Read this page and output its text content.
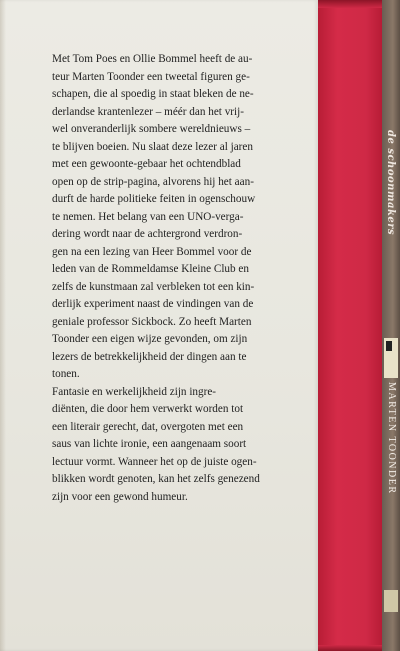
Met Tom Poes en Ollie Bommel heeft de au-
teur Marten Toonder een tweetal figuren ge-
schapen, die al spoedig in staat bleken de ne-
derlandse krantenlezer – méér dan het vrij-
wel onveranderlijk sombere wereldnieuws –
te blijven boeien. Nu slaat deze lezer al jaren
met een gewoonte-gebaar het ochtendblad
open op de strip-pagina, alvorens hij het aan-
durft de harde politieke feiten in ogenschouw
te nemen. Het belang van een UNO-verga-
dering wordt naar de achtergrond verdron-
gen na een lezing van Heer Bommel voor de
leden van de Rommeldamse Kleine Club en
zelfs de kunstmaan zal verbleken tot een kin-
derlijk experiment naast de vindingen van de
geniale professor Sickbock. Zo heeft Marten
Toonder een eigen wijze gevonden, om zijn
lezers de betrekkelijkheid der dingen aan te
tonen.
Fantasie en werkelijkheid zijn ingre-
diënten, die door hem verwerkt worden tot
een literair gerecht, dat, overgoten met een
saus van lichte ironie, een aangenaam soort
lectuur vormt. Wanneer het op de juiste ogen-
blikken wordt genoten, kan het zelfs genezend
zijn voor een gewond humeur.
de schoonmakers
MARTEN TOONDER
